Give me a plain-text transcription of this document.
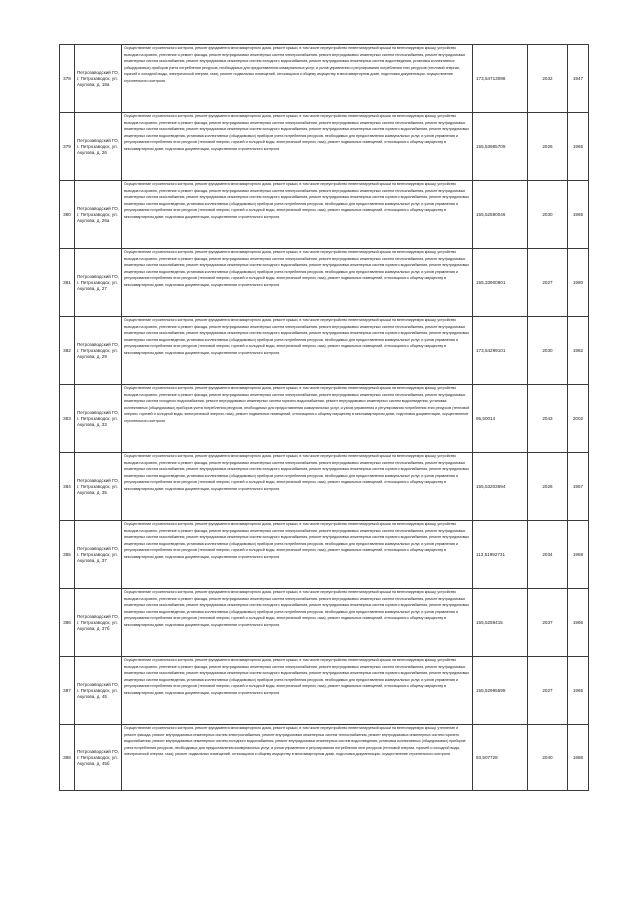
378	Петрозаводский ГО, г. Петрозаводск, ул. Акулова, д. 18а	Осуществление строительного контроля, ремонт фундамента многоквартирного дома, ремонт крыши, в том числе переустройство невентилируемой крыши на вентилируемую крышу, устройство выходов на кровлю, утепление и ремонт фасада, ремонт внутридомовых инженерных систем электроснабжения, ремонт внутридомовых инженерных систем теплоснабжения, ремонт внутридомовых инженерных систем газоснабжения, ремонт внутридомовых инженерных систем холодного водоснабжения, ремонт внутридомовых инженерных систем водоотведения, установка коллективных (общедомовых) приборов учета потребления ресурсов, необходимых для предоставления коммунальных услуг, и узлов управления и регулирования потребления этих ресурсов (тепловой энергии, горячей и холодной воды, электрической энергии, газа), ремонт подвальных помещений, относящихся к общему имуществу в многоквартирном доме, подготовка документации, осуществление строительного контроля	173,54713098	2032	1947
379	Петрозаводский ГО, г. Петрозаводск, ул. Акулова, д. 26	Осуществление строительного контроля, ремонт фундамента многоквартирного дома, ремонт крыши, в том числе переустройство невентилируемой крыши на вентилируемую крышу, устройство выходов на кровлю, утепление и ремонт фасада, ремонт внутридомовых инженерных систем электроснабжения, ремонт внутридомовых инженерных систем теплоснабжения, ремонт внутридомовых инженерных систем газоснабжения, ремонт внутридомовых инженерных систем холодного водоснабжения, ремонт внутридомовых инженерных систем горячего водоснабжения, ремонт внутридомовых инженерных систем водоотведения, установка коллективных (общедомовых) приборов учета потребления ресурсов, необходимых для предоставления коммунальных услуг, и узлов управления и регулирования потребления этих ресурсов (тепловой энергии, горячей и холодной воды, электрической энергии, газа), ремонт подвальных помещений, относящихся к общему имуществу в многоквартирном доме, подготовка документации, осуществление строительного контроля	155,53985709	2026	1965
380	Петрозаводский ГО, г. Петрозаводск, ул. Акулова, д. 26а	Осуществление строительного контроля, ремонт фундамента многоквартирного дома, ремонт крыши, в том числе переустройство невентилируемой крыши на вентилируемую крышу, устройство выходов на кровлю, утепление и ремонт фасада, ремонт внутридомовых инженерных систем электроснабжения, ремонт внутридомовых инженерных систем теплоснабжения, ремонт внутридомовых инженерных систем газоснабжения, ремонт внутридомовых инженерных систем холодного водоснабжения, ремонт внутридомовых инженерных систем горячего водоснабжения, ремонт внутридомовых инженерных систем водоотведения, установка коллективных (общедомовых) приборов учета потребления ресурсов, необходимых для предоставления коммунальных услуг, и узлов управления и регулирования потребления этих ресурсов (тепловой энергии, горячей и холодной воды, электрической энергии, газа), ремонт подвальных помещений, относящихся к общему имуществу в многоквартирном доме, подготовка документации, осуществление строительного контроля	155,52580046	2030	1965
381	Петрозаводский ГО, г. Петрозаводск, ул. Акулова, д. 27	Осуществление строительного контроля, ремонт фундамента многоквартирного дома, ремонт крыши, в том числе переустройство невентилируемой крыши на вентилируемую крышу, устройство выходов на кровлю, утепление и ремонт фасада, ремонт внутридомовых инженерных систем электроснабжения, ремонт внутридомовых инженерных систем теплоснабжения, ремонт внутридомовых инженерных систем газоснабжения, ремонт внутридомовых инженерных систем холодного водоснабжения, ремонт внутридомовых инженерных систем горячего водоснабжения, ремонт внутридомовых инженерных систем водоотведения, установка коллективных (общедомовых) приборов учета потребления ресурсов, необходимых для предоставления коммунальных услуг, и узлов управления и регулирования потребления этих ресурсов (тепловой энергии, горячей и холодной воды, электрической энергии, газа), ремонт подвальных помещений, относящихся к общему имуществу в многоквартирном доме, подготовка документации, осуществление строительного контроля	155,33900801	2027	1980
382	Петрозаводский ГО, г. Петрозаводск, ул. Акулова, д. 29	Осуществление строительного контроля, ремонт фундамента многоквартирного дома, ремонт крыши, в том числе переустройство невентилируемой крыши на вентилируемую крышу, устройство выходов на кровлю, утепление и ремонт фасада, ремонт внутридомовых инженерных систем электроснабжения, ремонт внутридомовых инженерных систем теплоснабжения, ремонт внутридомовых инженерных систем газоснабжения, ремонт внутридомовых инженерных систем холодного водоснабжения, ремонт внутридомовых инженерных систем горячего водоснабжения, ремонт внутридомовых инженерных систем водоотведения, установка коллективных (общедомовых) приборов учета потребления ресурсов, необходимых для предоставления коммунальных услуг, и узлов управления и регулирования потребления этих ресурсов (тепловой энергии, горячей и холодной воды, электрической энергии, газа), ремонт подвальных помещений, относящихся к общему имуществу в многоквартирном доме, подготовка документации, осуществление строительного контроля	173,54299101	2030	1982
383	Петрозаводский ГО, г. Петрозаводск, ул. Акулова, д. 33	Осуществление строительного контроля, ремонт фундамента многоквартирного дома, ремонт крыши, в том числе переустройство невентилируемой крыши на вентилируемую крышу, устройство выходов на кровлю, утепление и ремонт фасада, ремонт внутридомовых инженерных систем электроснабжения, ремонт внутридомовых инженерных систем теплоснабжения, ремонт внутридомовых инженерных систем холодного водоснабжения, ремонт внутридомовых инженерных систем горячего водоснабжения, ремонт внутридомовых инженерных систем водоотведения, установка коллективных (общедомовых) приборов учета потребления ресурсов, необходимых для предоставления коммунальных услуг, и узлов управления и регулирования потребления этих ресурсов (тепловой энергии, горячей и холодной воды, электрической энергии, газа), ремонт подвальных помещений, относящихся к общему имуществу в многоквартирном доме, подготовка документации, осуществление строительного контроля	95,50014	2043	2002
384	Петрозаводский ГО, г. Петрозаводск, ул. Акулова, д. 35	Осуществление строительного контроля, ремонт фундамента многоквартирного дома, ремонт крыши, в том числе переустройство невентилируемой крыши на вентилируемую крышу, устройство выходов на кровлю, утепление и ремонт фасада, ремонт внутридомовых инженерных систем электроснабжения, ремонт внутридомовых инженерных систем теплоснабжения, ремонт внутридомовых инженерных систем газоснабжения, ремонт внутридомовых инженерных систем холодного водоснабжения, ремонт внутридомовых инженерных систем горячего водоснабжения, ремонт внутридомовых инженерных систем водоотведения, установка коллективных (общедомовых) приборов учета потребления ресурсов, необходимых для предоставления коммунальных услуг, и узлов управления и регулирования потребления этих ресурсов (тепловой энергии, горячей и холодной воды, электрической энергии, газа), ремонт подвальных помещений, относящихся к общему имуществу в многоквартирном доме, подготовка документации, осуществление строительного контроля	155,53203694	2026	1957
385	Петрозаводский ГО, г. Петрозаводск, ул. Акулова, д. 37	Осуществление строительного контроля, ремонт фундамента многоквартирного дома, ремонт крыши, в том числе переустройство невентилируемой крыши на вентилируемую крышу, устройство выходов на кровлю, утепление и ремонт фасада, ремонт внутридомовых инженерных систем электроснабжения, ремонт внутридомовых инженерных систем теплоснабжения, ремонт внутридомовых инженерных систем газоснабжения, ремонт внутридомовых инженерных систем холодного водоснабжения, ремонт внутридомовых инженерных систем горячего водоснабжения, ремонт внутридомовых инженерных систем водоотведения, установка коллективных (общедомовых) приборов учета потребления ресурсов, необходимых для предоставления коммунальных услуг, и узлов управления и регулирования потребления этих ресурсов (тепловой энергии, горячей и холодной воды, электрической энергии, газа), ремонт подвальных помещений, относящихся к общему имуществу в многоквартирном доме, подготовка документации, осуществление строительного контроля	113,51992731	2034	1959
386	Петрозаводский ГО, г. Петрозаводск, ул. Акулова, д. 37б	Осуществление строительного контроля, ремонт фундамента многоквартирного дома, ремонт крыши, в том числе переустройство невентилируемой крыши на вентилируемую крышу, устройство выходов на кровлю, утепление и ремонт фасада, ремонт внутридомовых инженерных систем электроснабжения, ремонт внутридомовых инженерных систем теплоснабжения, ремонт внутридомовых инженерных систем газоснабжения, ремонт внутридомовых инженерных систем холодного водоснабжения, ремонт внутридомовых инженерных систем горячего водоснабжения, ремонт внутридомовых инженерных систем водоотведения, установка коллективных (общедомовых) приборов учета потребления ресурсов, необходимых для предоставления коммунальных услуг, и узлов управления и регулирования потребления этих ресурсов (тепловой энергии, горячей и холодной воды, электрической энергии, газа), ремонт подвальных помещений, относящихся к общему имуществу в многоквартирном доме, подготовка документации, осуществление строительного контроля	155,5259415	2037	1966
387	Петрозаводский ГО, г. Петрозаводск, ул. Акулова, д. 45	Осуществление строительного контроля, ремонт фундамента многоквартирного дома, ремонт крыши, в том числе переустройство невентилируемой крыши на вентилируемую крышу, устройство выходов на кровлю, утепление и ремонт фасада, ремонт внутридомовых инженерных систем электроснабжения, ремонт внутридомовых инженерных систем теплоснабжения, ремонт внутридомовых инженерных систем газоснабжения, ремонт внутридомовых инженерных систем холодного водоснабжения, ремонт внутридомовых инженерных систем горячего водоснабжения, ремонт внутридомовых инженерных систем водоотведения, установка коллективных (общедомовых) приборов учета потребления ресурсов, необходимых для предоставления коммунальных услуг, и узлов управления и регулирования потребления этих ресурсов (тепловой энергии, горячей и холодной воды, электрической энергии, газа), ремонт подвальных помещений, относящихся к общему имуществу в многоквартирном доме, подготовка документации, осуществление строительного контроля	155,52995599	2027	1965
388	Петрозаводский ГО, г. Петрозаводск, ул. Акулова, д. 45б	Осуществление строительного контроля, ремонт фундамента многоквартирного дома, ремонт крыши, в том числе переустройство невентилируемой крыши на вентилируемую крышу, утепление и ремонт фасада, ремонт внутридомовых инженерных систем электроснабжения, ремонт внутридомовых инженерных систем теплоснабжения, ремонт внутридомовых инженерных систем горячего водоснабжения, ремонт внутридомовых инженерных систем холодного водоснабжения, ремонт внутридомовых инженерных систем водоотведения, установка коллективных (общедомовых) приборов учета потребления ресурсов, необходимых для предоставления коммунальных услуг, и узлов управления и регулирования потребления этих ресурсов (тепловой энергии, горячей и холодной воды, электрической энергии, газа), ремонт подвальных помещений, относящихся к общему имуществу в многоквартирном доме, подготовка документации, осуществление строительного контроля	93,507728	2040	1986
